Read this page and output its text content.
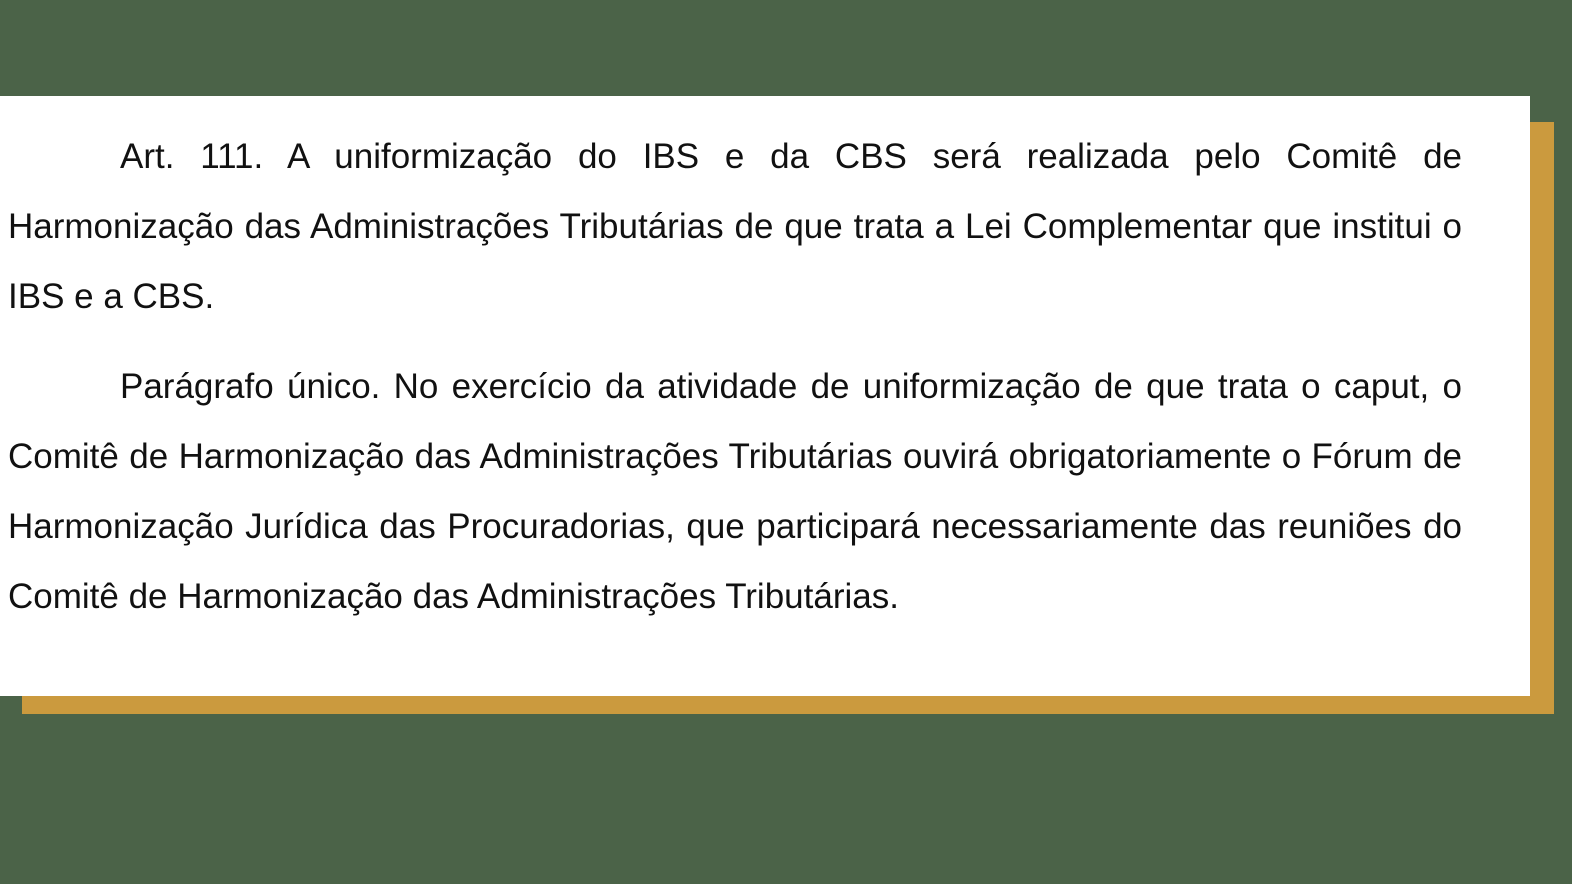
Art. 111. A uniformização do IBS e da CBS será realizada pelo Comitê de Harmonização das Administrações Tributárias de que trata a Lei Complementar que institui o IBS e a CBS.

Parágrafo único. No exercício da atividade de uniformização de que trata o caput, o Comitê de Harmonização das Administrações Tributárias ouvirá obrigatoriamente o Fórum de Harmonização Jurídica das Procuradorias, que participará necessariamente das reuniões do Comitê de Harmonização das Administrações Tributárias.
